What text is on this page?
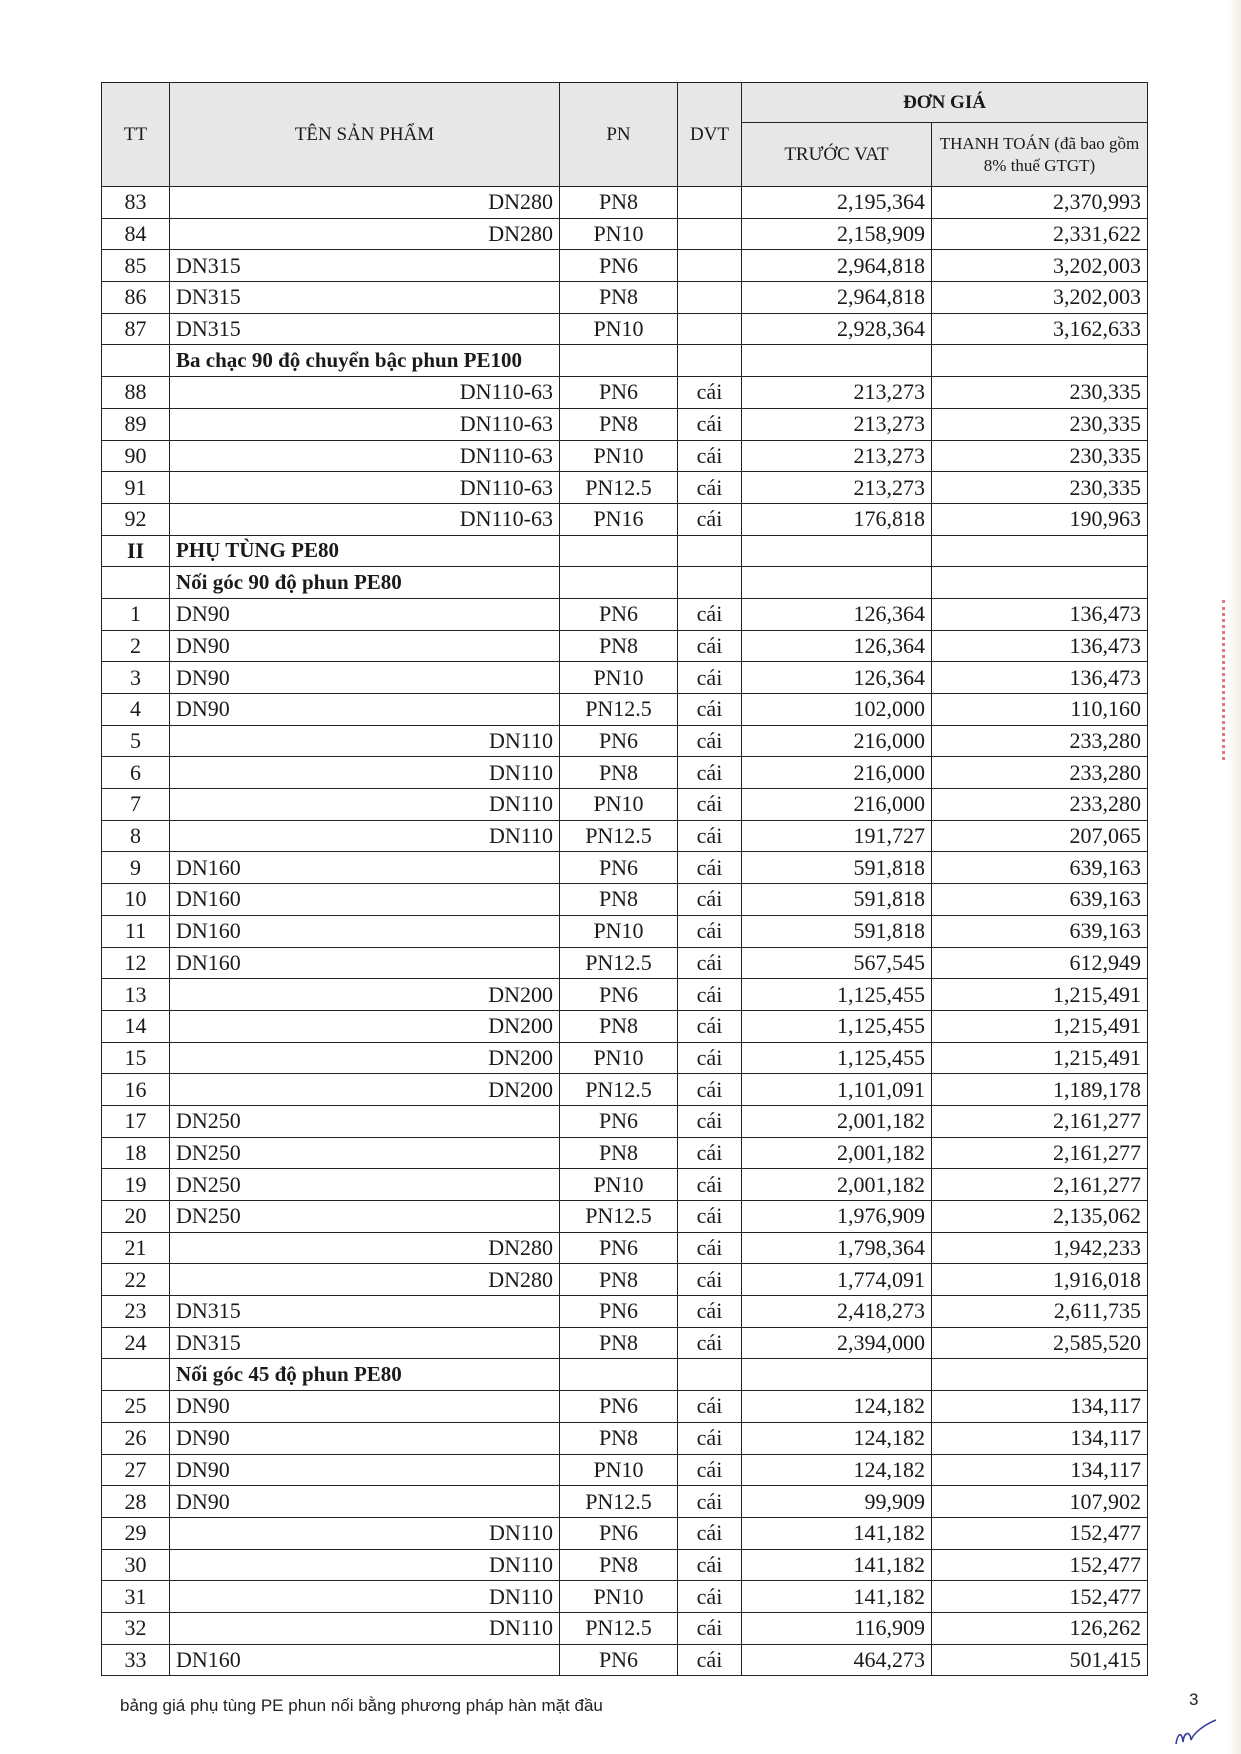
TT	TÊN SẢN PHẨM	PN	DVT	ĐƠN GIÁ	
				TRƯỚC VAT	THANH TOÁN (đã bao gồm 8% thuế GTGT)
83	DN280	PN8		2,195,364	2,370,993
84	DN280	PN10		2,158,909	2,331,622
85	DN315	PN6		2,964,818	3,202,003
86	DN315	PN8		2,964,818	3,202,003
87	DN315	PN10		2,928,364	3,162,633
	Ba chạc 90 độ chuyển bậc phun PE100				
88	DN110-63	PN6	cái	213,273	230,335
89	DN110-63	PN8	cái	213,273	230,335
90	DN110-63	PN10	cái	213,273	230,335
91	DN110-63	PN12.5	cái	213,273	230,335
92	DN110-63	PN16	cái	176,818	190,963
II	PHỤ TÙNG PE80				
	Nối góc 90 độ phun PE80				
1	DN90	PN6	cái	126,364	136,473
2	DN90	PN8	cái	126,364	136,473
3	DN90	PN10	cái	126,364	136,473
4	DN90	PN12.5	cái	102,000	110,160
5	DN110	PN6	cái	216,000	233,280
6	DN110	PN8	cái	216,000	233,280
7	DN110	PN10	cái	216,000	233,280
8	DN110	PN12.5	cái	191,727	207,065
9	DN160	PN6	cái	591,818	639,163
10	DN160	PN8	cái	591,818	639,163
11	DN160	PN10	cái	591,818	639,163
12	DN160	PN12.5	cái	567,545	612,949
13	DN200	PN6	cái	1,125,455	1,215,491
14	DN200	PN8	cái	1,125,455	1,215,491
15	DN200	PN10	cái	1,125,455	1,215,491
16	DN200	PN12.5	cái	1,101,091	1,189,178
17	DN250	PN6	cái	2,001,182	2,161,277
18	DN250	PN8	cái	2,001,182	2,161,277
19	DN250	PN10	cái	2,001,182	2,161,277
20	DN250	PN12.5	cái	1,976,909	2,135,062
21	DN280	PN6	cái	1,798,364	1,942,233
22	DN280	PN8	cái	1,774,091	1,916,018
23	DN315	PN6	cái	2,418,273	2,611,735
24	DN315	PN8	cái	2,394,000	2,585,520
	Nối góc 45 độ phun PE80				
25	DN90	PN6	cái	124,182	134,117
26	DN90	PN8	cái	124,182	134,117
27	DN90	PN10	cái	124,182	134,117
28	DN90	PN12.5	cái	99,909	107,902
29	DN110	PN6	cái	141,182	152,477
30	DN110	PN8	cái	141,182	152,477
31	DN110	PN10	cái	141,182	152,477
32	DN110	PN12.5	cái	116,909	126,262
33	DN160	PN6	cái	464,273	501,415
bảng giá phụ tùng PE phun nối bằng phương pháp hàn mặt đầu	3
